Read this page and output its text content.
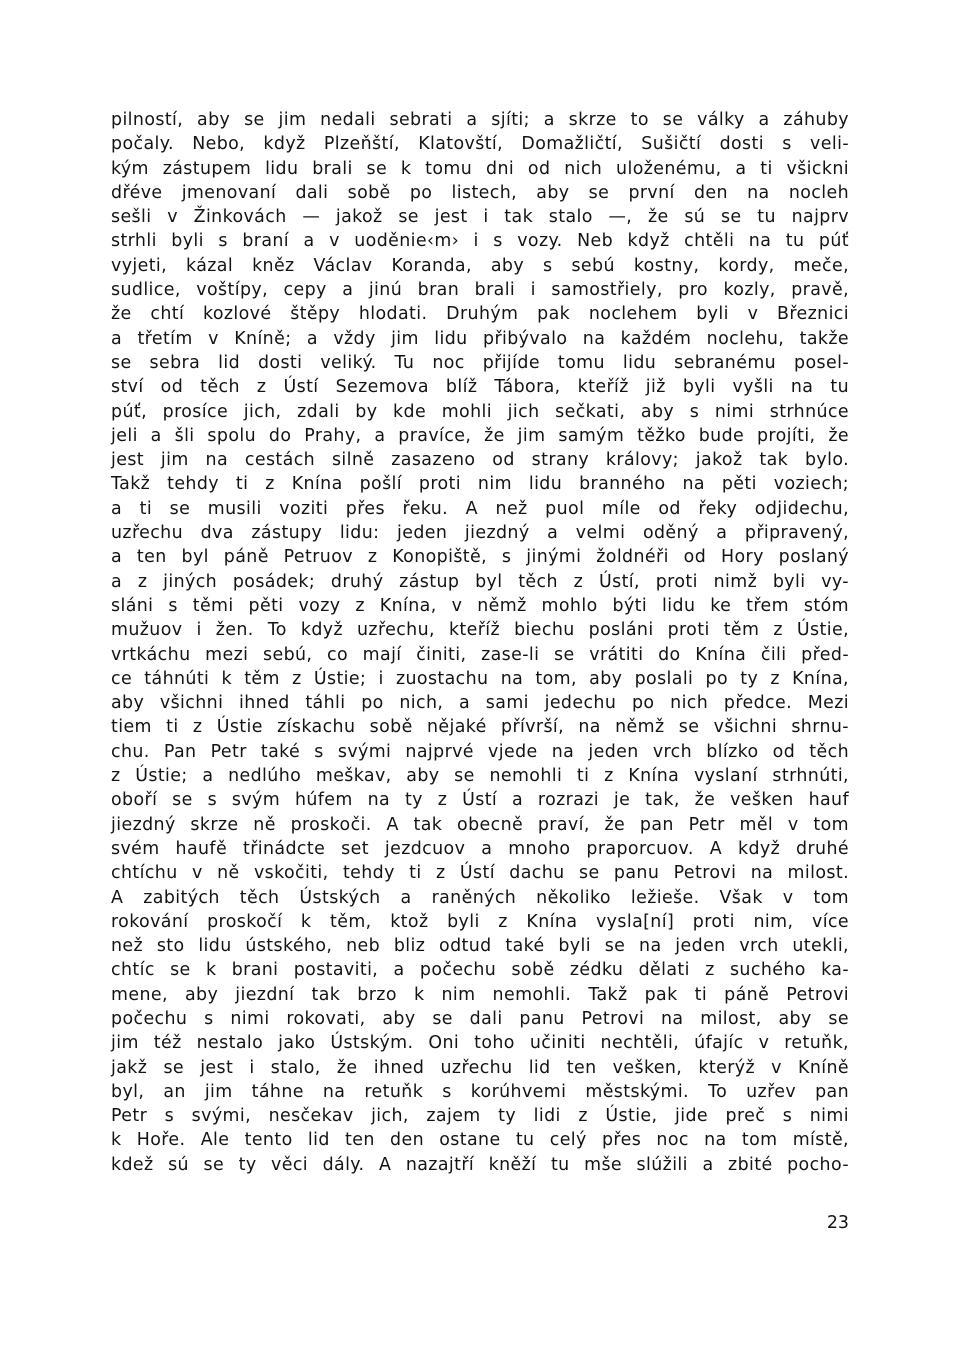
pilností, aby se jim nedali sebrati a sjíti; a skrze to se války a záhuby
počaly. Nebo, když Plzeňští, Klatovští, Domažličtí, Sušičtí dosti s veli-
kým zástupem lidu brali se k tomu dni od nich uloženému, a ti všickni
dřéve jmenovaní dali sobě po listech, aby se první den na nocleh
sešli v Žinkovách — jakož se jest i tak stalo —, že sú se tu najprv
strhli byli s braní a v uoděnie‹m› i s vozy. Neb když chtěli na tu púť
vyjeti, kázal kněz Václav Koranda, aby s sebú kostny, kordy, meče,
sudlice, voštípy, cepy a jinú bran brali i samostřiely, pro kozly, pravě,
že chtí kozlové štěpy hlodati. Druhým pak noclehem byli v Březnici
a třetím v Kníně; a vždy jim lidu přibývalo na každém noclehu, takže
se sebra lid dosti veliký. Tu noc přijíde tomu lidu sebranému posel-
ství od těch z Ústí Sezemova blíž Tábora, kteříž již byli vyšli na tu
púť, prosíce jich, zdali by kde mohli jich sečkati, aby s nimi strhnúce
jeli a šli spolu do Prahy, a pravíce, že jim samým těžko bude projíti, že
jest jim na cestách silně zasazeno od strany královy; jakož tak bylo.
Takž tehdy ti z Knína pošlí proti nim lidu branného na pěti voziech;
a ti se musili voziti přes řeku. A než puol míle od řeky odjidechu,
uzřechu dva zástupy lidu: jeden jiezdný a velmi oděný a připravený,
a ten byl páně Petruov z Konopiště, s jinými žoldnéři od Hory poslaný
a z jiných posádek; druhý zástup byl těch z Ústí, proti nimž byli vy-
sláni s těmi pěti vozy z Knína, v němž mohlo býti lidu ke třem stóm
mužuov i žen. To když uzřechu, kteříž biechu posláni proti těm z Ústie,
vrtkáchu mezi sebú, co mají činiti, zase-li se vrátiti do Knína čili před-
ce táhnúti k těm z Ústie; i zuostachu na tom, aby poslali po ty z Knína,
aby všichni ihned táhli po nich, a sami jedechu po nich předce. Mezi
tiem ti z Ústie získachu sobě nějaké přívrší, na němž se všichni shrnu-
chu. Pan Petr také s svými najprvé vjede na jeden vrch blízko od těch
z Ústie; a nedlúho meškav, aby se nemohli ti z Knína vyslaní strhnúti,
oboří se s svým húfem na ty z Ústí a rozrazi je tak, že vešken hauf
jiezdný skrze ně proskoči. A tak obecně praví, že pan Petr měl v tom
svém haufě třinádcte set jezdcuov a mnoho praporcuov. A když druhé
chtíchu v ně vskočiti, tehdy ti z Ústí dachu se panu Petrovi na milost.
A zabitých těch Ústských a raněných několiko ležieše. Však v tom
rokování proskočí k těm, ktož byli z Knína vysla[ní] proti nim, více
než sto lidu ústského, neb bliz odtud také byli se na jeden vrch utekli,
chtíc se k brani postaviti, a počechu sobě zédku dělati z suchého ka-
mene, aby jiezdní tak brzo k nim nemohli. Takž pak ti páně Petrovi
počechu s nimi rokovati, aby se dali panu Petrovi na milost, aby se
jim též nestalo jako Ústským. Oni toho učiniti nechtěli, úfajíc v retuňk,
jakž se jest i stalo, že ihned uzřechu lid ten vešken, kterýž v Kníně
byl, an jim táhne na retuňk s korúhvemi městskými. To uzřev pan
Petr s svými, nesčekav jich, zajem ty lidi z Ústie, jide preč s nimi
k Hoře. Ale tento lid ten den ostane tu celý přes noc na tom místě,
kdež sú se ty věci dály. A nazajtří kněží tu mše slúžili a zbité pocho-
23
